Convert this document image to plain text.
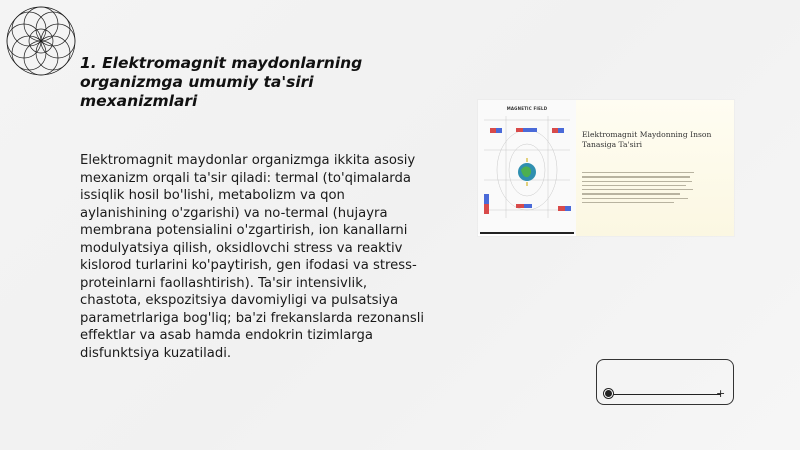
1. Elektromagnit maydonlarning organizmga umumiy ta'siri mexanizmlari

Elektromagnit maydonlar organizmga ikkita asosiy mexanizm orqali ta'sir qiladi: termal (to'qimalarda issiqlik hosil bo'lishi, metabolizm va qon aylanishining o'zgarishi) va no-termal (hujayra membrana potensialini o'zgartirish, ion kanallarni modulyatsiya qilish, oksidlovchi stress va reaktiv kislorod turlarini ko'paytirish, gen ifodasi va stress-proteinlarni faollashtirish). Ta'sir intensivlik, chastota, ekspozitsiya davomiyligi va pulsatsiya parametrlariga bog'liq; ba'zi frekanslarda rezonansli effektlar va asab hamda endokrin tizimlarga disfunktsiya kuzatiladi.

MAGNETIC FIELD

Elektromagnit Maydonning Inson Tanasiga Ta'siri

+
